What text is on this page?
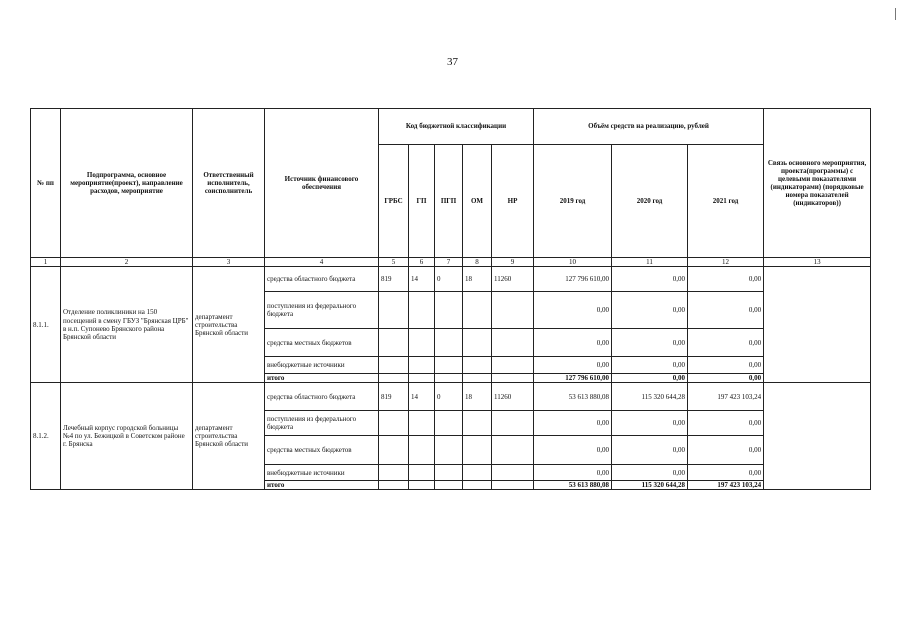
37
№ пп	Подпрограмма, основное мероприятие(проект), направление расходов, мероприятие	Ответственный исполнитель, соисполнитель	Источник финансового обеспечения	Код бюджетной классификации					Объём средств на реализацию, рублей			Связь основного мероприятия, проекта(программы) с целевыми показателями (индикаторами) (порядковые номера показателей (индикаторов))
				ГРБС	ГП	ПГП	ОМ	НР	2019 год	2020 год	2021 год	
1	2	3	4	5	6	7	8	9	10	11	12	13
8.1.1.	Отделение поликлиники на 150 посещений в смену ГБУЗ "Брянская ЦРБ" в н.п. Супонево Брянского района Брянской области	департамент строительства Брянской области	средства областного бюджета	819	14	0	18	11260	127 796 610,00	0,00	0,00	
			поступления из федерального бюджета						0,00	0,00	0,00	
			средства местных бюджетов						0,00	0,00	0,00	
			внебюджетные источники						0,00	0,00	0,00	
			итого						127 796 610,00	0,00	0,00	
8.1.2.	Лечебный корпус городской больницы №4 по ул. Бежицкой в Советском районе г. Брянска	департамент строительства Брянской области	средства областного бюджета	819	14	0	18	11260	53 613 880,08	115 320 644,28	197 423 103,24	
			поступления из федерального бюджета						0,00	0,00	0,00	
			средства местных бюджетов						0,00	0,00	0,00	
			внебюджетные источники						0,00	0,00	0,00	
			итого						53 613 880,08	115 320 644,28	197 423 103,24	
